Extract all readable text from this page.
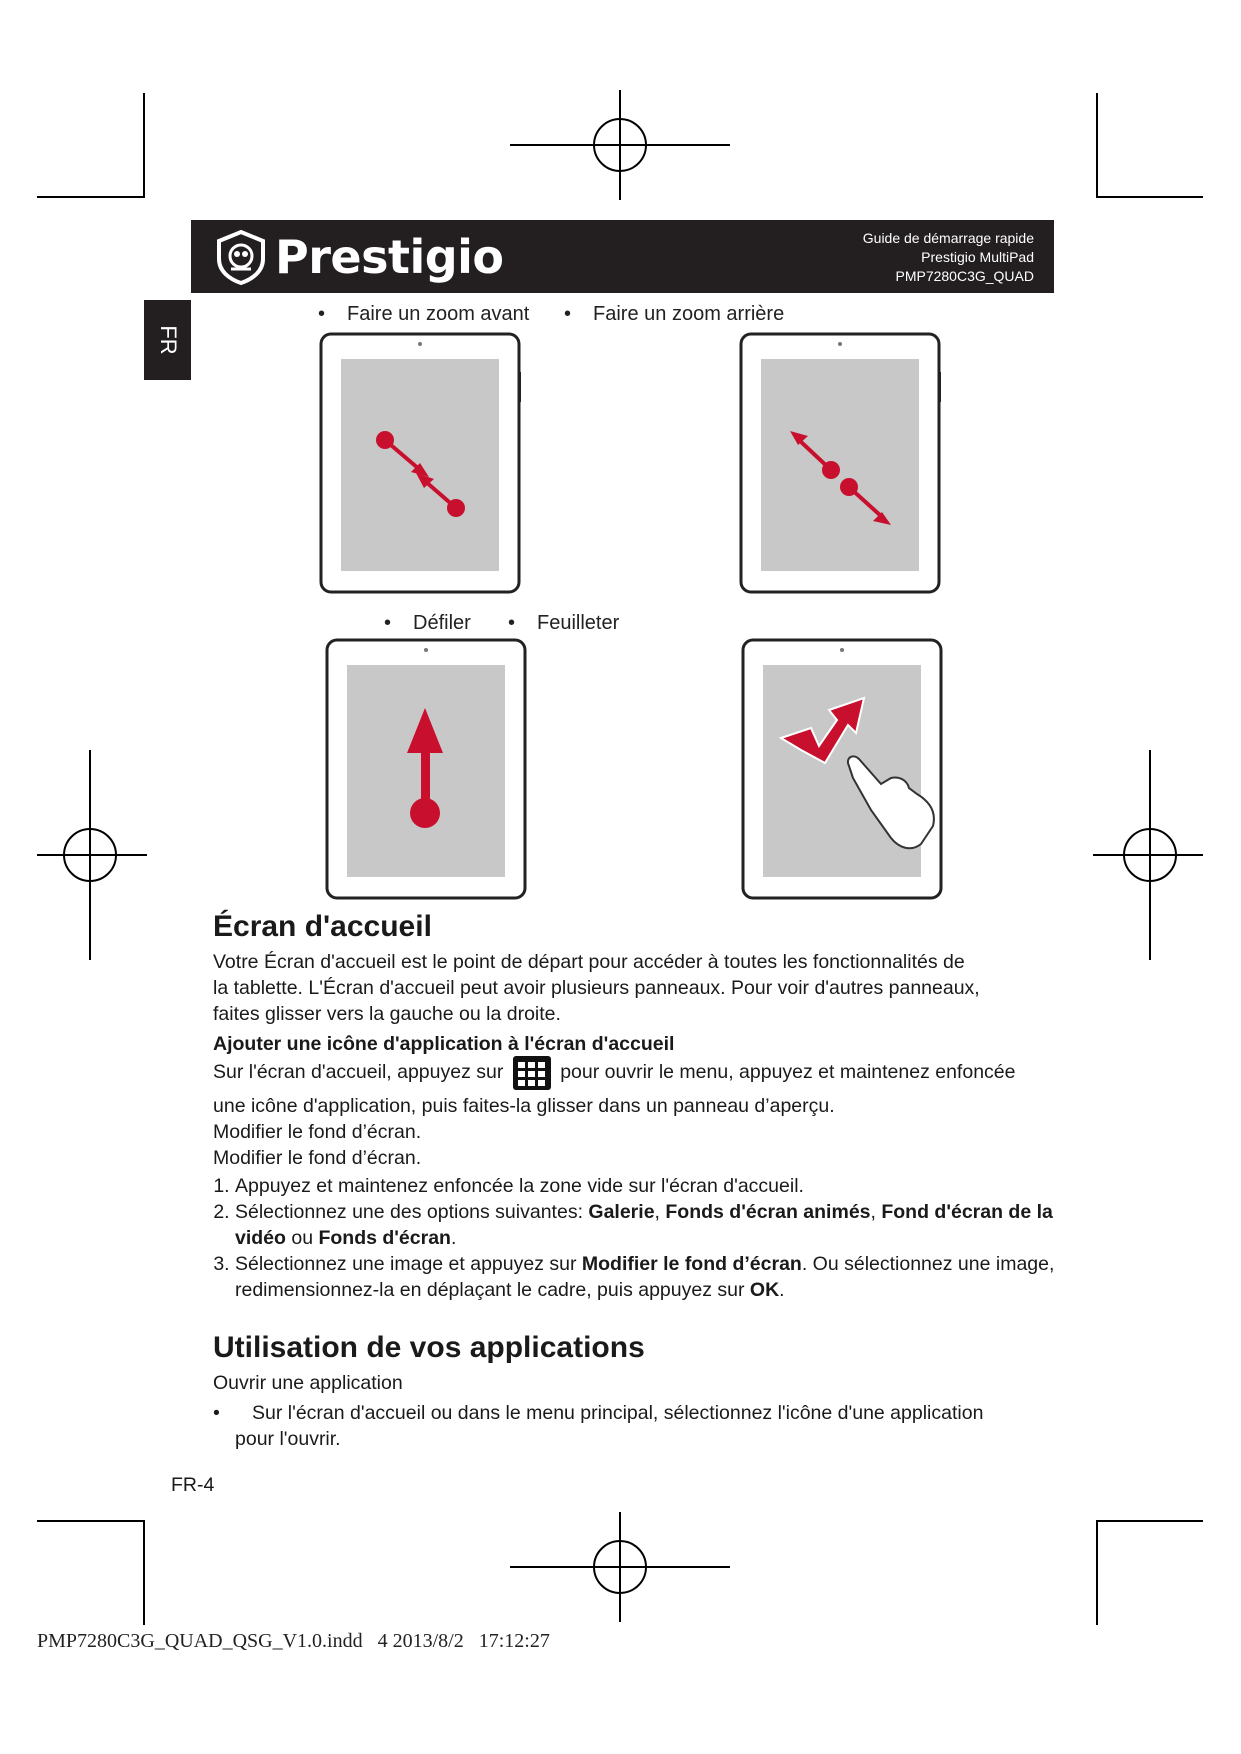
Prestigio	Guide de démarrage rapide
Prestigio MultiPad
PMP7280C3G_QUAD
FR
• Faire un zoom avant • Faire un zoom arrière
• Défiler • Feuilleter
Écran d'accueil
Votre Écran d'accueil est le point de départ pour accéder à toutes les fonctionnalités de
la tablette. L'Écran d'accueil peut avoir plusieurs panneaux. Pour voir d'autres panneaux,
faites glisser vers la gauche ou la droite.
Ajouter une icône d'application à l'écran d'accueil
Sur l'écran d'accueil, appuyez sur	pour ouvrir le menu, appuyez et maintenez enfoncée
une icône d'application, puis faites-la glisser dans un panneau d’aperçu.
Modifier le fond d’écran.
Modifier le fond d’écran.
1. Appuyez et maintenez enfoncée la zone vide sur l'écran d'accueil.
2. Sélectionnez une des options suivantes: Galerie, Fonds d'écran animés, Fond d'écran de la vidéo ou Fonds d'écran.
3. Sélectionnez une image et appuyez sur Modifier le fond d’écran. Ou sélectionnez une image, redimensionnez-la en déplaçant le cadre, puis appuyez sur OK.
Utilisation de vos applications
Ouvrir une application
• Sur l'écran d'accueil ou dans le menu principal, sélectionnez l'icône d'une application
pour l'ouvrir.
FR-4
PMP7280C3G_QUAD_QSG_V1.0.indd   4 2013/8/2   17:12:27
